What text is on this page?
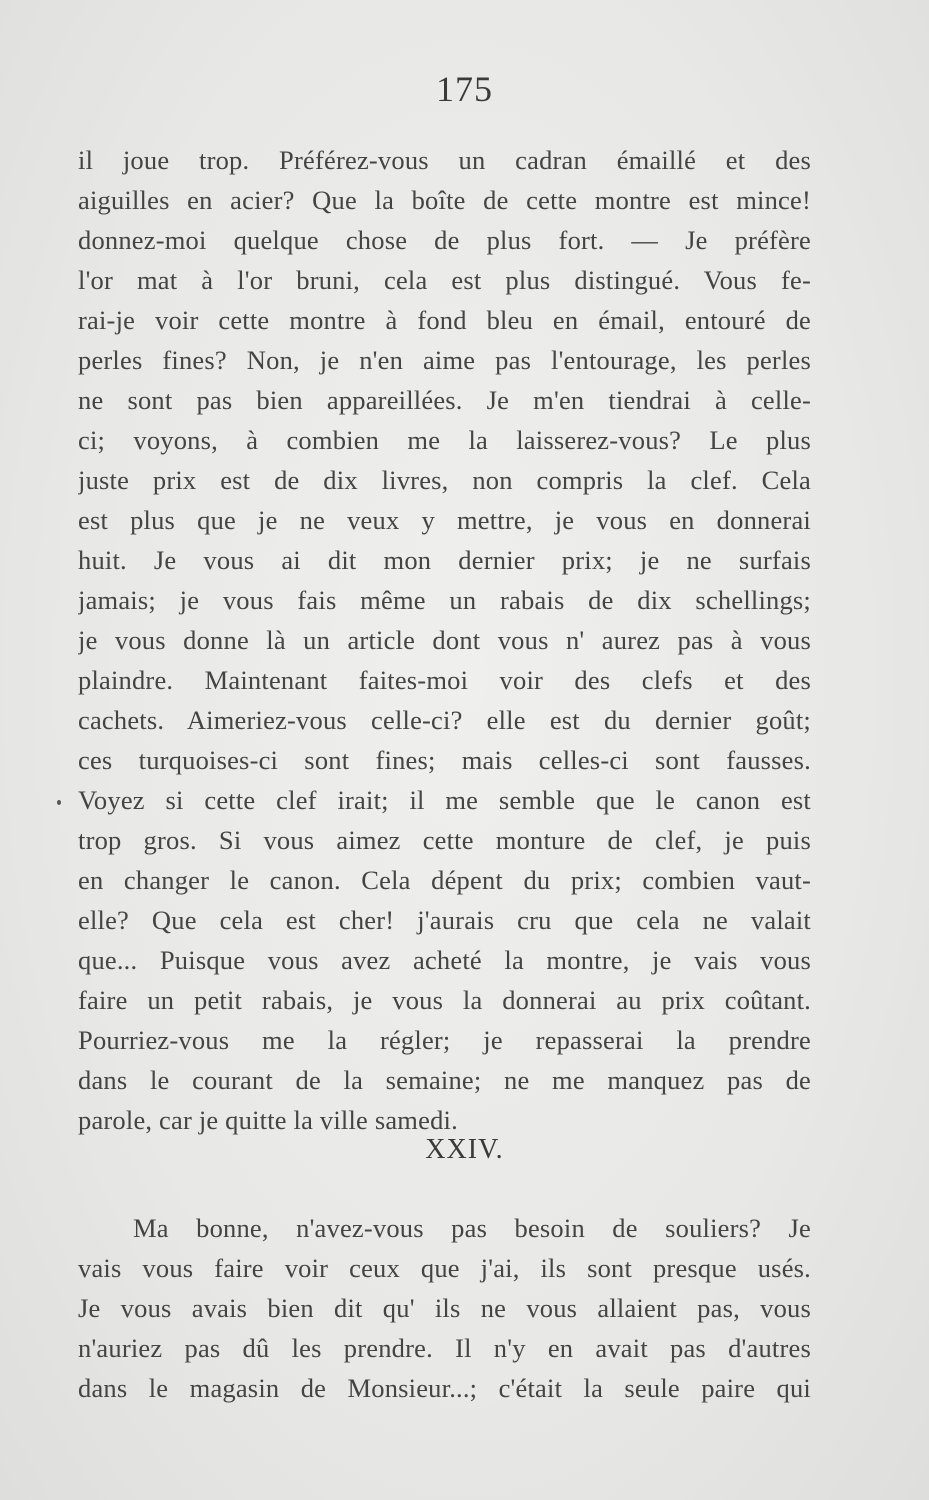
175
il joue trop. Préférez-vous un cadran émaillé et des
aiguilles en acier? Que la boîte de cette montre est mince!
donnez-moi quelque chose de plus fort. — Je préfère
l'or mat à l'or bruni, cela est plus distingué. Vous fe-
rai-je voir cette montre à fond bleu en émail, entouré de
perles fines? Non, je n'en aime pas l'entourage, les perles
ne sont pas bien appareillées. Je m'en tiendrai à celle-
ci; voyons, à combien me la laisserez-vous? Le plus
juste prix est de dix livres, non compris la clef. Cela
est plus que je ne veux y mettre, je vous en donnerai
huit. Je vous ai dit mon dernier prix; je ne surfais
jamais; je vous fais même un rabais de dix schellings;
je vous donne là un article dont vous n' aurez pas à vous
plaindre. Maintenant faites-moi voir des clefs et des
cachets. Aimeriez-vous celle-ci? elle est du dernier goût;
ces turquoises-ci sont fines; mais celles-ci sont fausses.
Voyez si cette clef irait; il me semble que le canon est
trop gros. Si vous aimez cette monture de clef, je puis
en changer le canon. Cela dépent du prix; combien vaut-
elle? Que cela est cher! j'aurais cru que cela ne valait
que... Puisque vous avez acheté la montre, je vais vous
faire un petit rabais, je vous la donnerai au prix coûtant.
Pourriez-vous me la régler; je repasserai la prendre
dans le courant de la semaine; ne me manquez pas de
parole, car je quitte la ville samedi.
XXIV.
Ma bonne, n'avez-vous pas besoin de souliers? Je
vais vous faire voir ceux que j'ai, ils sont presque usés.
Je vous avais bien dit qu' ils ne vous allaient pas, vous
n'auriez pas dû les prendre. Il n'y en avait pas d'autres
dans le magasin de Monsieur...; c'était la seule paire qui
